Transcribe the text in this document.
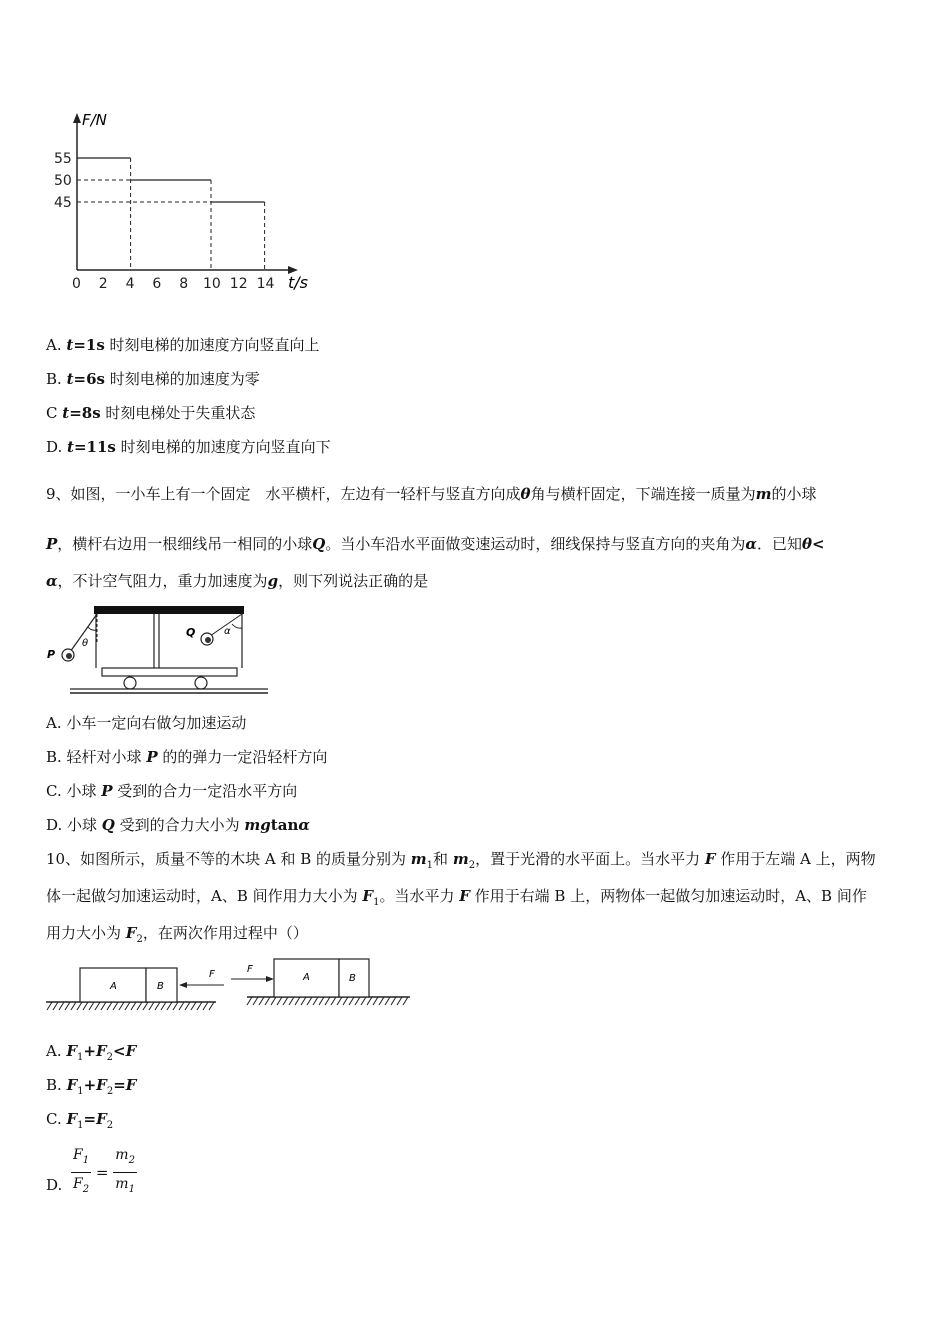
F/N
t/s
55
50
45
0 2 4 6 8 10 12 14
A. t=1s 时刻电梯的加速度方向竖直向上
B. t=6s 时刻电梯的加速度为零
C t=8s 时刻电梯处于失重状态
D. t=11s 时刻电梯的加速度方向竖直向下
9、如图，一小车上有一个固定　水平横杆，左边有一轻杆与竖直方向成θ角与横杆固定，下端连接一质量为m的小球
P，横杆右边用一根细线吊一相同的小球Q。当小车沿水平面做变速运动时，细线保持与竖直方向的夹角为α．已知θ<
α，不计空气阻力，重力加速度为g，则下列说法正确的是
P
θ
Q	α
A. 小车一定向右做匀加速运动
B. 轻杆对小球 P 的的弹力一定沿轻杆方向
C. 小球 P 受到的合力一定沿水平方向
D. 小球 Q 受到的合力大小为 mgtanα
10、如图所示，质量不等的木块 A 和 B 的质量分别为 $m_1$和 $m_2$，置于光滑的水平面上。当水平力 F 作用于左端 A 上，两物
体一起做匀加速运动时，A、B 间作用力大小为 $F_1$。当水平力 F 作用于右端 B 上，两物体一起做匀加速运动时，A、B 间作
用力大小为 $F_2$，在两次作用过程中（）
A	B
F	F
A	B
A. $F_1+F_2<F$
B. $F_1+F_2=F$
C. $F_1=F_2$
D. $\frac{F_1}{F_2} = \frac{m_2}{m_1}$
